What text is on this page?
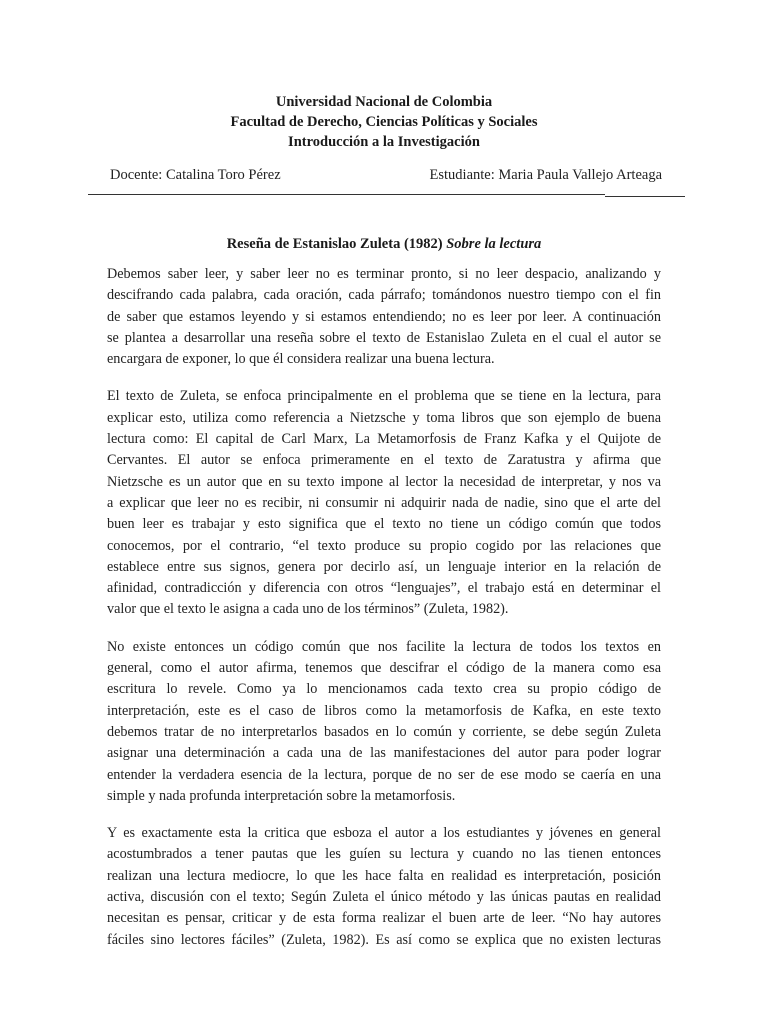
Universidad Nacional de Colombia
Facultad de Derecho, Ciencias Políticas y Sociales
Introducción a la Investigación
Docente: Catalina Toro Pérez	Estudiante: Maria Paula Vallejo Arteaga
Reseña de Estanislao Zuleta (1982) Sobre la lectura
Debemos saber leer, y saber leer no es terminar pronto, si no leer despacio, analizando y
descifrando cada palabra, cada oración, cada párrafo; tomándonos nuestro tiempo con el fin
de saber que estamos leyendo y si estamos entendiendo; no es leer por leer. A continuación
se plantea a desarrollar una reseña sobre el texto de Estanislao Zuleta en el cual el autor se
encargara de exponer, lo que él considera realizar una buena lectura.
El texto de Zuleta, se enfoca principalmente en el problema que se tiene en la lectura, para
explicar esto, utiliza como referencia a Nietzsche y toma libros que son ejemplo de buena
lectura como: El capital de Carl Marx, La Metamorfosis de Franz Kafka y el Quijote de
Cervantes. El autor se enfoca primeramente en el texto de Zaratustra y afirma que
Nietzsche es un autor que en su texto impone al lector la necesidad de interpretar, y nos va
a explicar que leer no es recibir, ni consumir ni adquirir nada de nadie, sino que el arte del
buen leer es trabajar y esto significa que el texto no tiene un código común que todos
conocemos, por el contrario, “el texto produce su propio cogido por las relaciones que
establece entre sus signos, genera por decirlo así, un lenguaje interior en la relación de
afinidad, contradicción y diferencia con otros “lenguajes”, el trabajo está en determinar el
valor que el texto le asigna a cada uno de los términos” (Zuleta, 1982).
No existe entonces un código común que nos facilite la lectura de todos los textos en
general, como el autor afirma, tenemos que descifrar el código de la manera como esa
escritura lo revele. Como ya lo mencionamos cada texto crea su propio código de
interpretación, este es el caso de libros como la metamorfosis de Kafka, en este texto
debemos tratar de no interpretarlos basados en lo común y corriente, se debe según Zuleta
asignar una determinación a cada una de las manifestaciones del autor para poder lograr
entender la verdadera esencia de la lectura, porque de no ser de ese modo se caería en una
simple y nada profunda interpretación sobre la metamorfosis.
Y es exactamente esta la critica que esboza el autor a los estudiantes y jóvenes en general
acostumbrados a tener pautas que les guíen su lectura y cuando no las tienen entonces
realizan una lectura mediocre, lo que les hace falta en realidad es interpretación, posición
activa, discusión con el texto; Según Zuleta el único método y las únicas pautas en realidad
necesitan es pensar, criticar y de esta forma realizar el buen arte de leer. “No hay autores
fáciles sino lectores fáciles” (Zuleta, 1982). Es así como se explica que no existen lecturas
